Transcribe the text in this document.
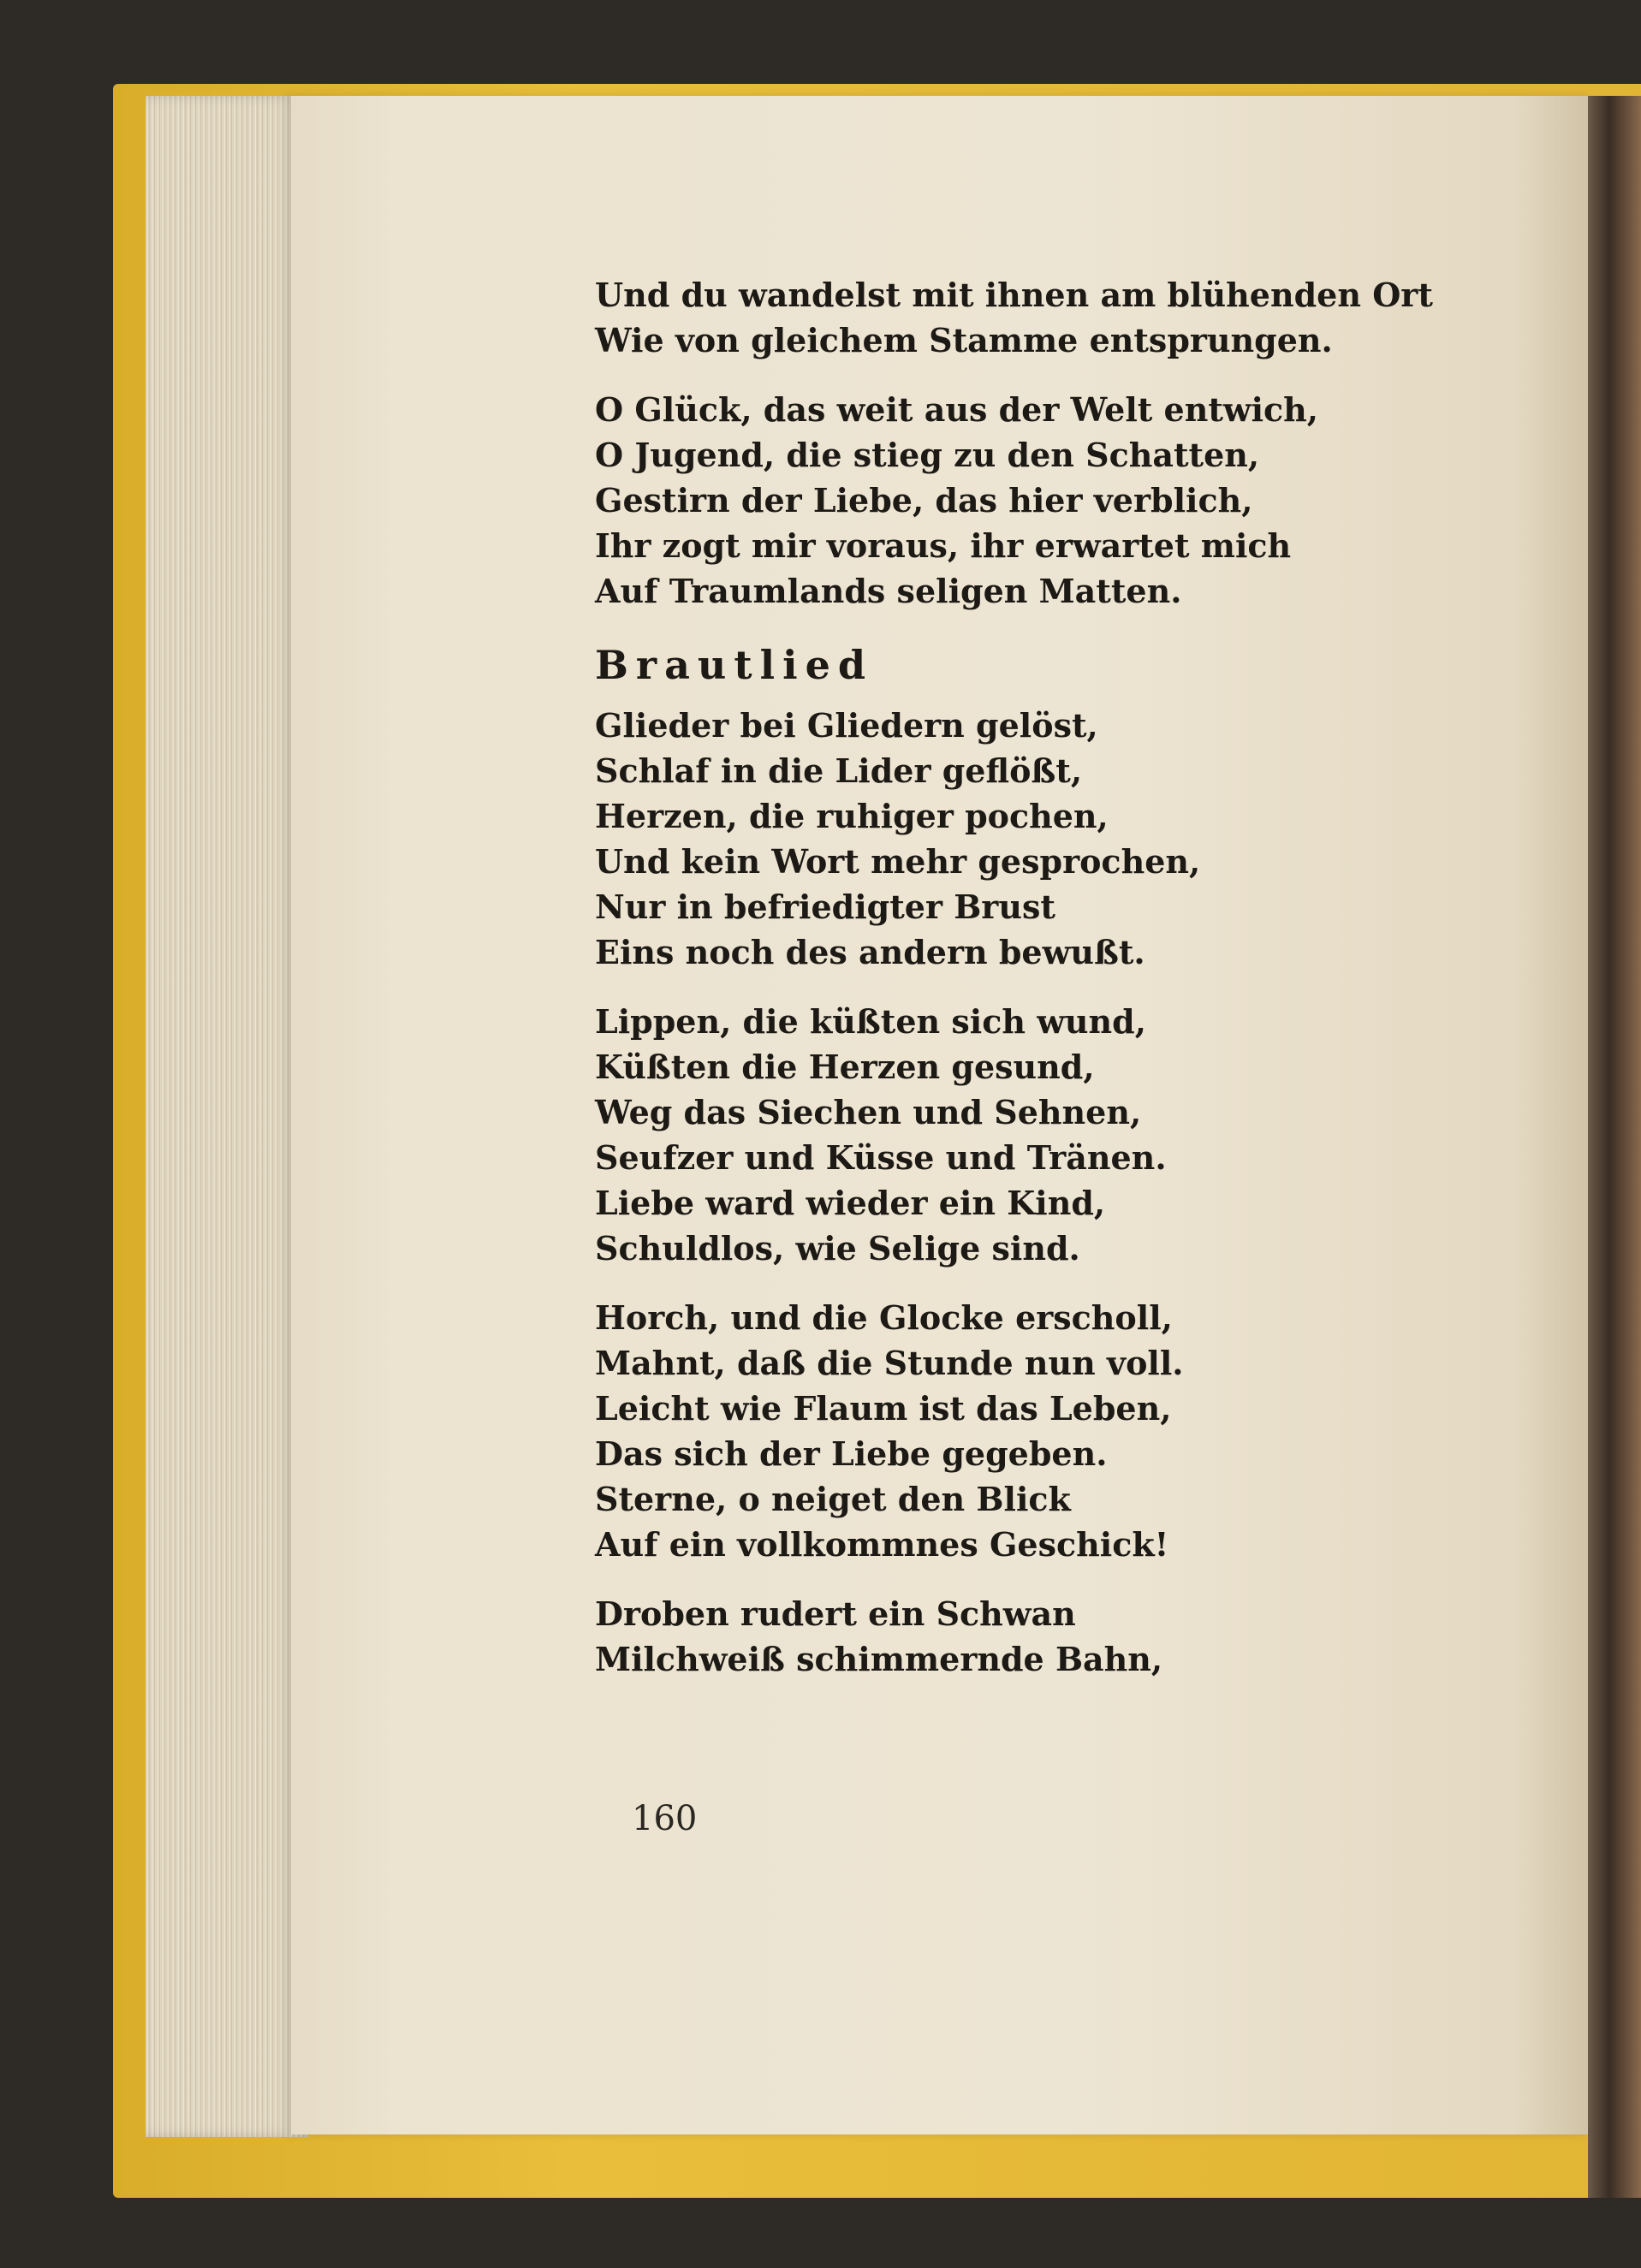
Und du wandelst mit ihnen am blühenden Ort
Wie von gleichem Stamme entsprungen.
O Glück, das weit aus der Welt entwich,
O Jugend, die stieg zu den Schatten,
Gestirn der Liebe, das hier verblich,
Ihr zogt mir voraus, ihr erwartet mich
Auf Traumlands seligen Matten.
Brautlied
Glieder bei Gliedern gelöst,
Schlaf in die Lider geflößt,
Herzen, die ruhiger pochen,
Und kein Wort mehr gesprochen,
Nur in befriedigter Brust
Eins noch des andern bewußt.
Lippen, die küßten sich wund,
Küßten die Herzen gesund,
Weg das Siechen und Sehnen,
Seufzer und Küsse und Tränen.
Liebe ward wieder ein Kind,
Schuldlos, wie Selige sind.
Horch, und die Glocke erscholl,
Mahnt, daß die Stunde nun voll.
Leicht wie Flaum ist das Leben,
Das sich der Liebe gegeben.
Sterne, o neiget den Blick
Auf ein vollkommnes Geschick!
Droben rudert ein Schwan
Milchweiß schimmernde Bahn,
160
